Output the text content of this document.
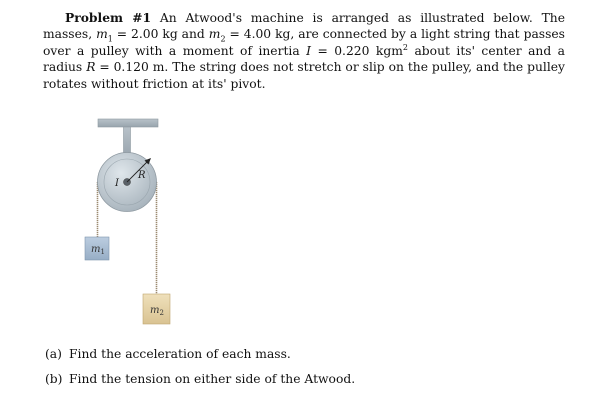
Problem #1 An Atwood's machine is arranged as illustrated below. The masses, $m_1 = 2.00$ kg and $m_2 = 4.00$ kg, are connected by a light string that passes over a pulley with a moment of inertia I = 0.220 kgm$^2$ about its' center and a radius R = 0.120 m. The string does not stretch or slip on the pulley, and the pulley rotates without friction at its' pivot.

R
I
$m_1$
$m_2$
(a) Find the acceleration of each mass.
(b) Find the tension on either side of the Atwood.
